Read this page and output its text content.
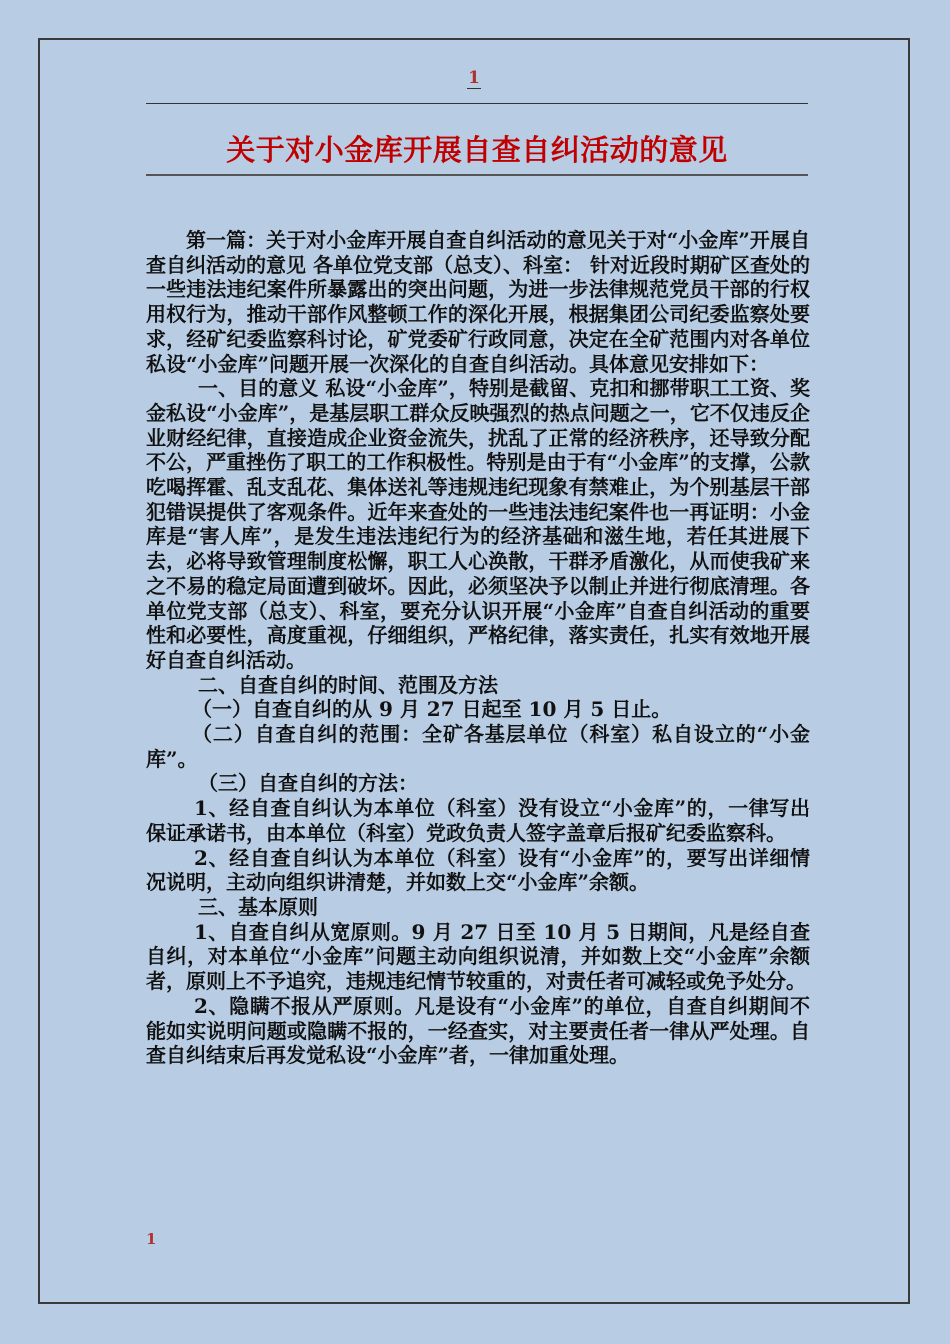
1
关于对小金库开展自查自纠活动的意见

第一篇：关于对小金库开展自查自纠活动的意见关于对“小金库”开展自查自纠活动的意见 各单位党支部（总支）、科室： 针对近段时期矿区查处的一些违法违纪案件所暴露出的突出问题，为进一步法律规范党员干部的行权用权行为，推动干部作风整顿工作的深化开展，根据集团公司纪委监察处要求，经矿纪委监察科讨论，矿党委矿行政同意，决定在全矿范围内对各单位私设“小金库”问题开展一次深化的自查自纠活动。具体意见安排如下：

一、目的意义 私设“小金库”，特别是截留、克扣和挪带职工工资、奖金私设“小金库”，是基层职工群众反映强烈的热点问题之一，它不仅违反企业财经纪律，直接造成企业资金流失，扰乱了正常的经济秩序，还导致分配不公，严重挫伤了职工的工作积极性。特别是由于有“小金库”的支撑，公款吃喝挥霍、乱支乱花、集体送礼等违规违纪现象有禁难止，为个别基层干部犯错误提供了客观条件。近年来查处的一些违法违纪案件也一再证明：小金库是“害人库”，是发生违法违纪行为的经济基础和滋生地，若任其进展下去，必将导致管理制度松懈，职工人心涣散，干群矛盾激化，从而使我矿来之不易的稳定局面遭到破坏。因此，必须坚决予以制止并进行彻底清理。各单位党支部（总支）、科室，要充分认识开展“小金库”自查自纠活动的重要性和必要性，高度重视，仔细组织，严格纪律，落实责任，扎实有效地开展好自查自纠活动。

二、自查自纠的时间、范围及方法

（一）自查自纠的从 9 月 27 日起至 10 月 5 日止。

（二）自查自纠的范围：全矿各基层单位（科室）私自设立的“小金库”。

（三）自查自纠的方法：

1、经自查自纠认为本单位（科室）没有设立“小金库”的，一律写出保证承诺书，由本单位（科室）党政负责人签字盖章后报矿纪委监察科。

2、经自查自纠认为本单位（科室）设有“小金库”的，要写出详细情况说明，主动向组织讲清楚，并如数上交“小金库”余额。

三、基本原则

1、自查自纠从宽原则。9 月 27 日至 10 月 5 日期间，凡是经自查自纠，对本单位“小金库”问题主动向组织说清，并如数上交“小金库”余额者，原则上不予追究，违规违纪情节较重的，对责任者可减轻或免予处分。

2、隐瞒不报从严原则。凡是设有“小金库”的单位，自查自纠期间不能如实说明问题或隐瞒不报的，一经查实，对主要责任者一律从严处理。自查自纠结束后再发觉私设“小金库”者，一律加重处理。

1
